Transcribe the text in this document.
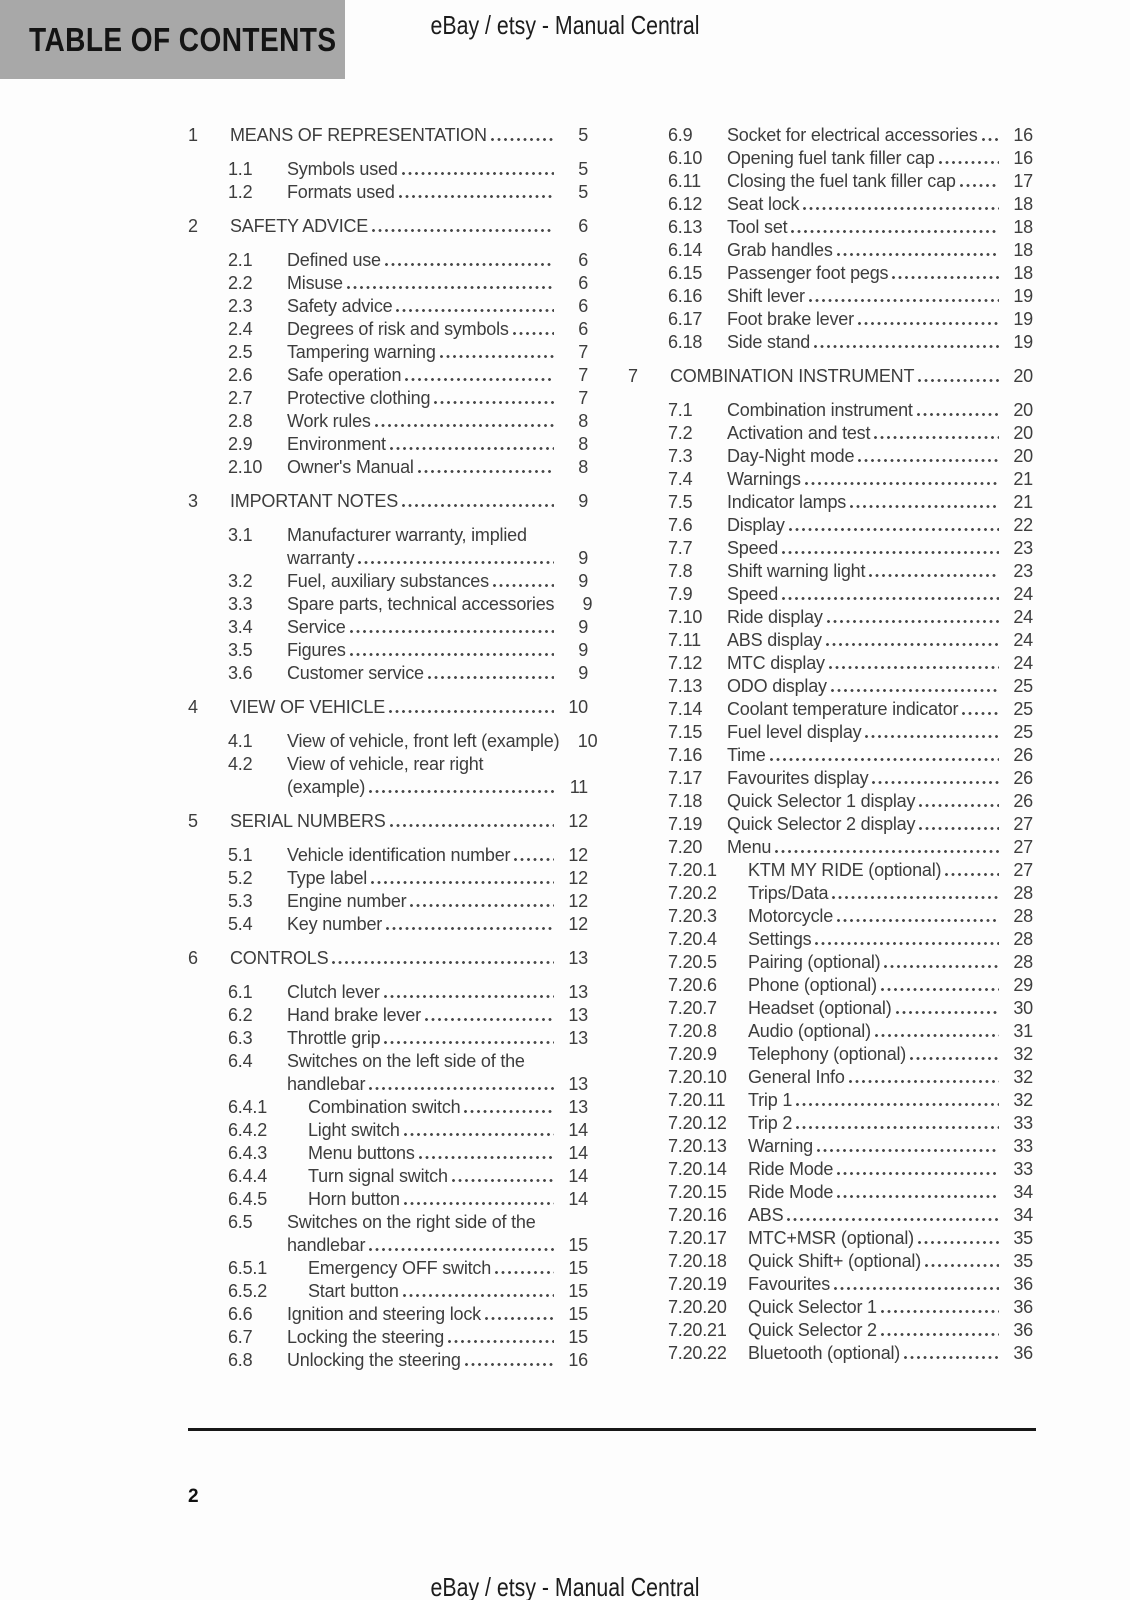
TABLE OF CONTENTS	eBay / etsy - Manual Central
1	MEANS OF REPRESENTATION	5
1.1	Symbols used	5
1.2	Formats used	5
2	SAFETY ADVICE	6
2.1	Defined use	6
2.2	Misuse	6
2.3	Safety advice	6
2.4	Degrees of risk and symbols	6
2.5	Tampering warning	7
2.6	Safe operation	7
2.7	Protective clothing	7
2.8	Work rules	8
2.9	Environment	8
2.10	Owner's Manual	8
3	IMPORTANT NOTES	9
3.1	Manufacturer warranty, implied
warranty	9
3.2	Fuel, auxiliary substances	9
3.3	Spare parts, technical accessories	9
3.4	Service	9
3.5	Figures	9
3.6	Customer service	9
4	VIEW OF VEHICLE	10
4.1	View of vehicle, front left (example)	10
4.2	View of vehicle, rear right
(example)	11
5	SERIAL NUMBERS	12
5.1	Vehicle identification number	12
5.2	Type label	12
5.3	Engine number	12
5.4	Key number	12
6	CONTROLS	13
6.1	Clutch lever	13
6.2	Hand brake lever	13
6.3	Throttle grip	13
6.4	Switches on the left side of the
handlebar	13
6.4.1	Combination switch	13
6.4.2	Light switch	14
6.4.3	Menu buttons	14
6.4.4	Turn signal switch	14
6.4.5	Horn button	14
6.5	Switches on the right side of the
handlebar	15
6.5.1	Emergency OFF switch	15
6.5.2	Start button	15
6.6	Ignition and steering lock	15
6.7	Locking the steering	15
6.8	Unlocking the steering	16
6.9	Socket for electrical accessories	16
6.10	Opening fuel tank filler cap	16
6.11	Closing the fuel tank filler cap	17
6.12	Seat lock	18
6.13	Tool set	18
6.14	Grab handles	18
6.15	Passenger foot pegs	18
6.16	Shift lever	19
6.17	Foot brake lever	19
6.18	Side stand	19
7	COMBINATION INSTRUMENT	20
7.1	Combination instrument	20
7.2	Activation and test	20
7.3	Day-Night mode	20
7.4	Warnings	21
7.5	Indicator lamps	21
7.6	Display	22
7.7	Speed	23
7.8	Shift warning light	23
7.9	Speed	24
7.10	Ride display	24
7.11	ABS display	24
7.12	MTC display	24
7.13	ODO display	25
7.14	Coolant temperature indicator	25
7.15	Fuel level display	25
7.16	Time	26
7.17	Favourites display	26
7.18	Quick Selector 1 display	26
7.19	Quick Selector 2 display	27
7.20	Menu	27
7.20.1	KTM MY RIDE (optional)	27
7.20.2	Trips/Data	28
7.20.3	Motorcycle	28
7.20.4	Settings	28
7.20.5	Pairing (optional)	28
7.20.6	Phone (optional)	29
7.20.7	Headset (optional)	30
7.20.8	Audio (optional)	31
7.20.9	Telephony (optional)	32
7.20.10	General Info	32
7.20.11	Trip 1	32
7.20.12	Trip 2	33
7.20.13	Warning	33
7.20.14	Ride Mode	33
7.20.15	Ride Mode	34
7.20.16	ABS	34
7.20.17	MTC+MSR (optional)	35
7.20.18	Quick Shift+ (optional)	35
7.20.19	Favourites	36
7.20.20	Quick Selector 1	36
7.20.21	Quick Selector 2	36
7.20.22	Bluetooth (optional)	36
2
eBay / etsy - Manual Central
